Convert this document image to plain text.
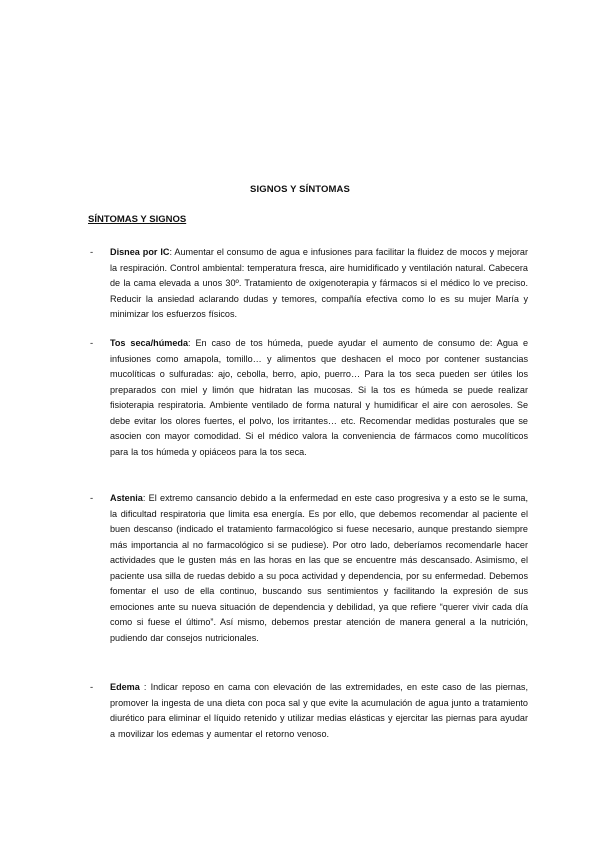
SIGNOS Y SÍNTOMAS
SÍNTOMAS Y SIGNOS
-	Disnea por IC: Aumentar el consumo de agua e infusiones para facilitar la fluidez de mocos y mejorar la respiración. Control ambiental: temperatura fresca, aire humidificado y ventilación natural. Cabecera de la cama elevada a unos 30º. Tratamiento de oxigenoterapia y fármacos si el médico lo ve preciso. Reducir la ansiedad aclarando dudas y temores, compañía efectiva como lo es su mujer María y minimizar los esfuerzos físicos.
-	Tos seca/húmeda: En caso de tos húmeda, puede ayudar el aumento de consumo de: Agua e infusiones como amapola, tomillo… y alimentos que deshacen el moco por contener sustancias mucolíticas o sulfuradas: ajo, cebolla, berro, apio, puerro… Para la tos seca pueden ser útiles los preparados con miel y limón que hidratan las mucosas. Si la tos es húmeda se puede realizar fisioterapia respiratoria. Ambiente ventilado de forma natural y humidificar el aire con aerosoles. Se debe evitar los olores fuertes, el polvo, los irritantes… etc. Recomendar medidas posturales que se asocien con mayor comodidad. Si el médico valora la conveniencia de fármacos como mucolíticos para la tos húmeda y opiáceos para la tos seca.
-	Astenia: El extremo cansancio debido a la enfermedad en este caso progresiva y a esto se le suma, la dificultad respiratoria que limita esa energía. Es por ello, que debemos recomendar al paciente el buen descanso (indicado el tratamiento farmacológico si fuese necesario, aunque prestando siempre más importancia al no farmacológico si se pudiese). Por otro lado, deberíamos recomendarle hacer actividades que le gusten más en las horas en las que se encuentre más descansado. Asimismo, el paciente usa silla de ruedas debido a su poca actividad y dependencia, por su enfermedad. Debemos fomentar el uso de ella continuo, buscando sus sentimientos y facilitando la expresión de sus emociones ante su nueva situación de dependencia y debilidad, ya que refiere “querer vivir cada día como si fuese el último”. Así mismo, debemos prestar atención de manera general a la nutrición, pudiendo dar consejos nutricionales.
-	Edema : Indicar reposo en cama con elevación de las extremidades, en este caso de las piernas, promover la ingesta de una dieta con poca sal y que evite la acumulación de agua junto a tratamiento diurético para eliminar el líquido retenido y utilizar medias elásticas y ejercitar las piernas para ayudar a movilizar los edemas y aumentar el retorno venoso.
